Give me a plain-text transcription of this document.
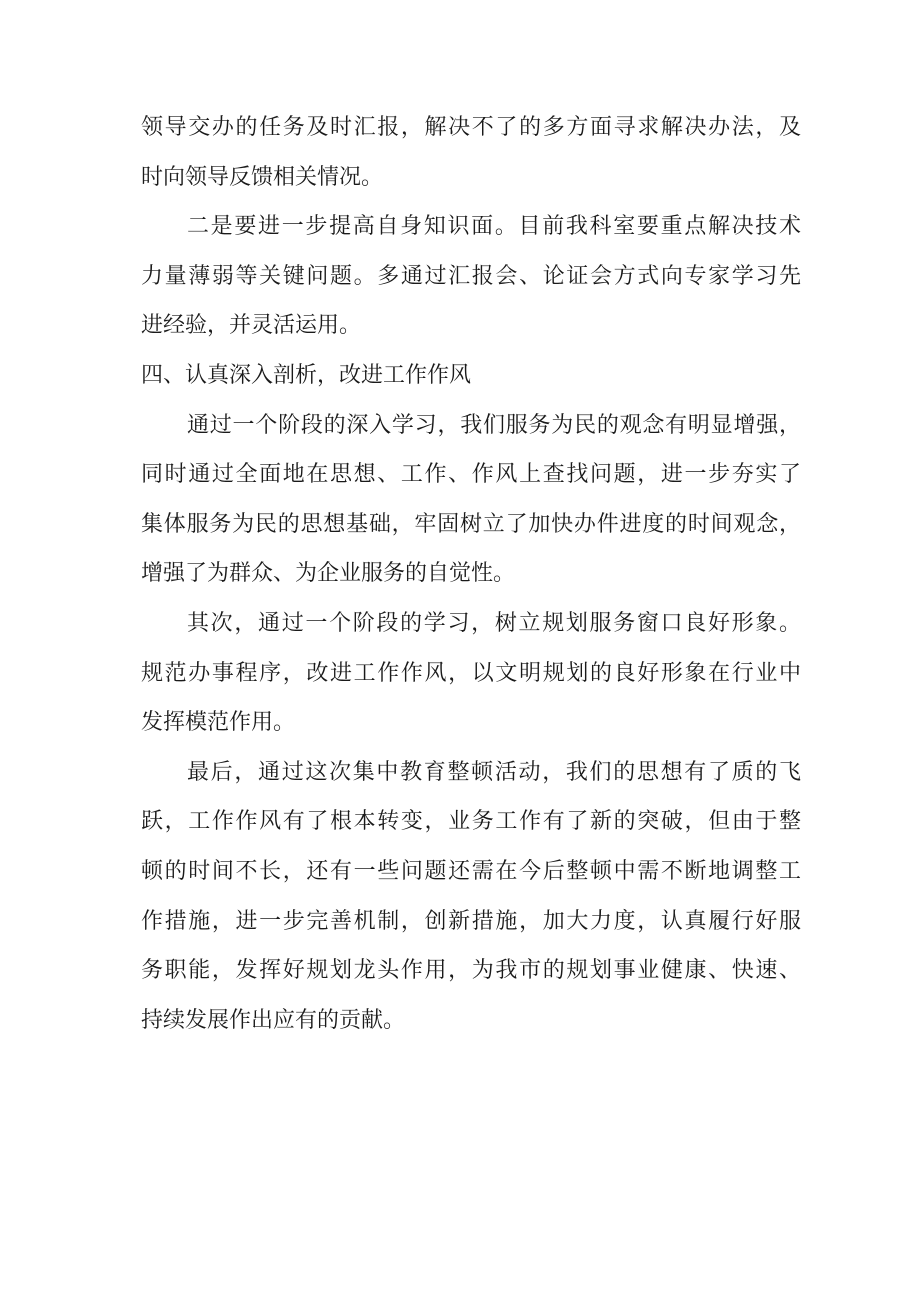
领导交办的任务及时汇报，解决不了的多方面寻求解决办法，及
时向领导反馈相关情况。
二是要进一步提高自身知识面。目前我科室要重点解决技术
力量薄弱等关键问题。多通过汇报会、论证会方式向专家学习先
进经验，并灵活运用。
四、认真深入剖析，改进工作作风
通过一个阶段的深入学习，我们服务为民的观念有明显增强，
同时通过全面地在思想、工作、作风上查找问题，进一步夯实了
集体服务为民的思想基础，牢固树立了加快办件进度的时间观念，
增强了为群众、为企业服务的自觉性。
其次，通过一个阶段的学习，树立规划服务窗口良好形象。
规范办事程序，改进工作作风，以文明规划的良好形象在行业中
发挥模范作用。
最后，通过这次集中教育整顿活动，我们的思想有了质的飞
跃，工作作风有了根本转变，业务工作有了新的突破，但由于整
顿的时间不长，还有一些问题还需在今后整顿中需不断地调整工
作措施，进一步完善机制，创新措施，加大力度，认真履行好服
务职能，发挥好规划龙头作用，为我市的规划事业健康、快速、
持续发展作出应有的贡献。
